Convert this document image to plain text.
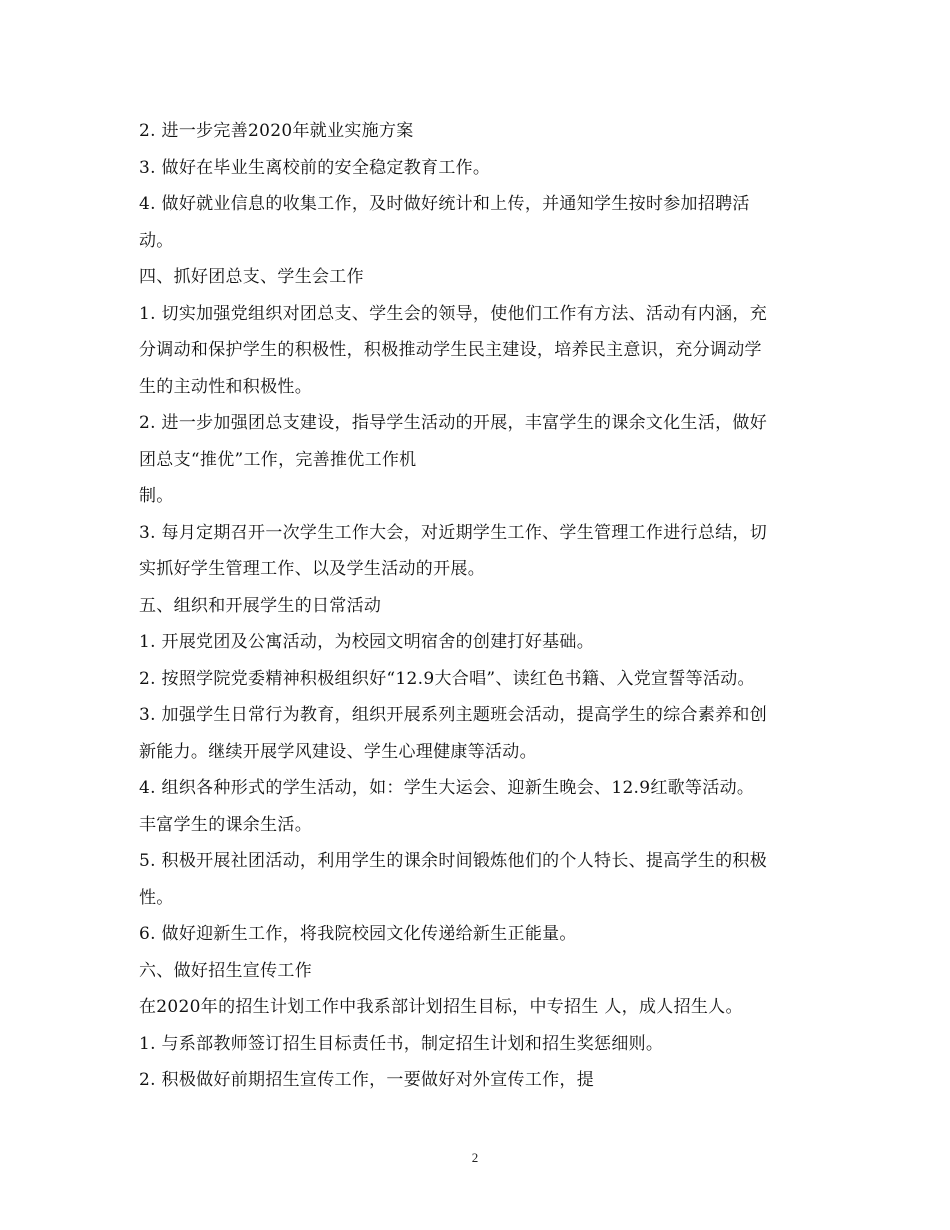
2. 进一步完善2020年就业实施方案
3. 做好在毕业生离校前的安全稳定教育工作。
4. 做好就业信息的收集工作，及时做好统计和上传，并通知学生按时参加招聘活
动。
四、抓好团总支、学生会工作
1. 切实加强党组织对团总支、学生会的领导，使他们工作有方法、活动有内涵，充
分调动和保护学生的积极性，积极推动学生民主建设，培养民主意识，充分调动学
生的主动性和积极性。
2. 进一步加强团总支建设，指导学生活动的开展，丰富学生的课余文化生活，做好
团总支“推优”工作，完善推优工作机
制。
3. 每月定期召开一次学生工作大会，对近期学生工作、学生管理工作进行总结，切
实抓好学生管理工作、以及学生活动的开展。
五、组织和开展学生的日常活动
1. 开展党团及公寓活动，为校园文明宿舍的创建打好基础。
2. 按照学院党委精神积极组织好“12.9大合唱”、读红色书籍、入党宣誓等活动。
3. 加强学生日常行为教育，组织开展系列主题班会活动，提高学生的综合素养和创
新能力。继续开展学风建设、学生心理健康等活动。
4. 组织各种形式的学生活动，如：学生大运会、迎新生晚会、12.9红歌等活动。
丰富学生的课余生活。
5. 积极开展社团活动，利用学生的课余时间锻炼他们的个人特长、提高学生的积极
性。
6. 做好迎新生工作，将我院校园文化传递给新生正能量。
六、做好招生宣传工作
在2020年的招生计划工作中我系部计划招生目标，中专招生 人，成人招生人。
1. 与系部教师签订招生目标责任书，制定招生计划和招生奖惩细则。
2. 积极做好前期招生宣传工作，一要做好对外宣传工作，提
2
